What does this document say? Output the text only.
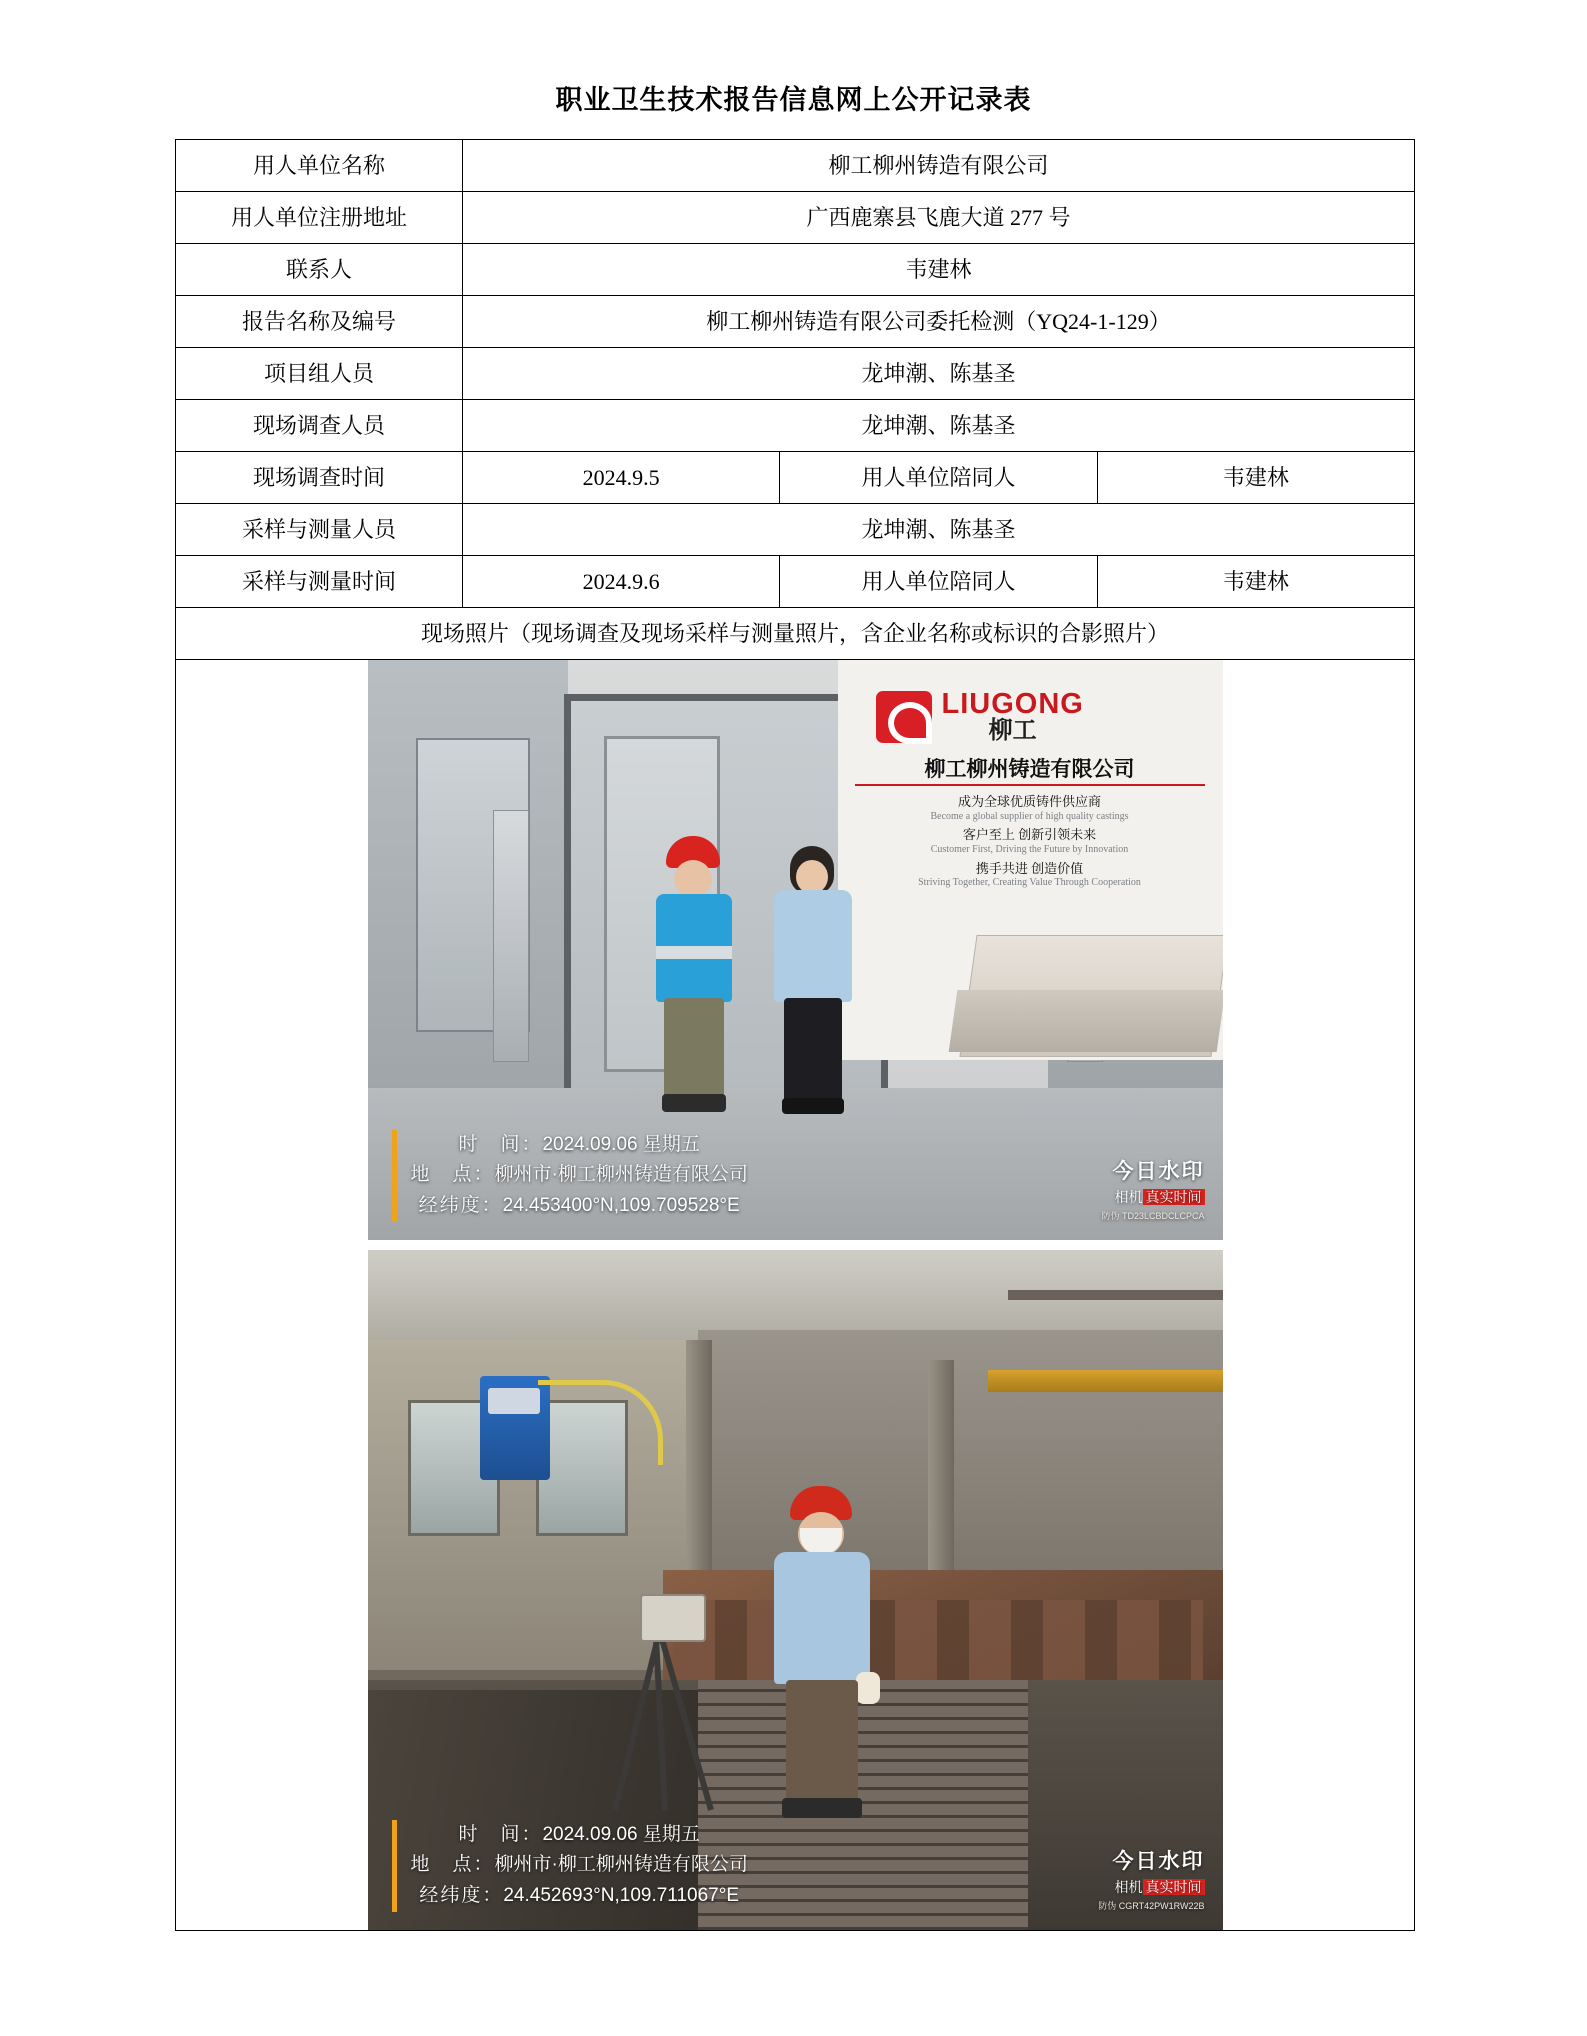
职业卫生技术报告信息网上公开记录表
用人单位名称	柳工柳州铸造有限公司		
用人单位注册地址	广西鹿寨县飞鹿大道 277 号		
联系人	韦建林		
报告名称及编号	柳工柳州铸造有限公司委托检测（YQ24-1-129）		
项目组人员	龙坤潮、陈基圣		
现场调查人员	龙坤潮、陈基圣		
现场调查时间	2024.9.5	用人单位陪同人	韦建林
采样与测量人员	龙坤潮、陈基圣		
采样与测量时间	2024.9.6	用人单位陪同人	韦建林
现场照片（现场调查及现场采样与测量照片，含企业名称或标识的合影照片）			

LIUGONG
柳工
柳工柳州铸造有限公司
成为全球优质铸件供应商
Become a global supplier of high quality castings
客户至上 创新引领未来
Customer First, Driving the Future by Innovation
携手共进 创造价值
Striving Together, Creating Value Through Cooperation
时　间：2024.09.06 星期五
地　点：柳州市·柳工柳州铸造有限公司
经纬度：24.453400°N,109.709528°E
今日水印
相机 真实时间
防伪 TD23LCBDCLCPCA
时　间：2024.09.06 星期五
地　点：柳州市·柳工柳州铸造有限公司
经纬度：24.452693°N,109.711067°E
今日水印
相机 真实时间
防伪 CGRT42PW1RW22B
